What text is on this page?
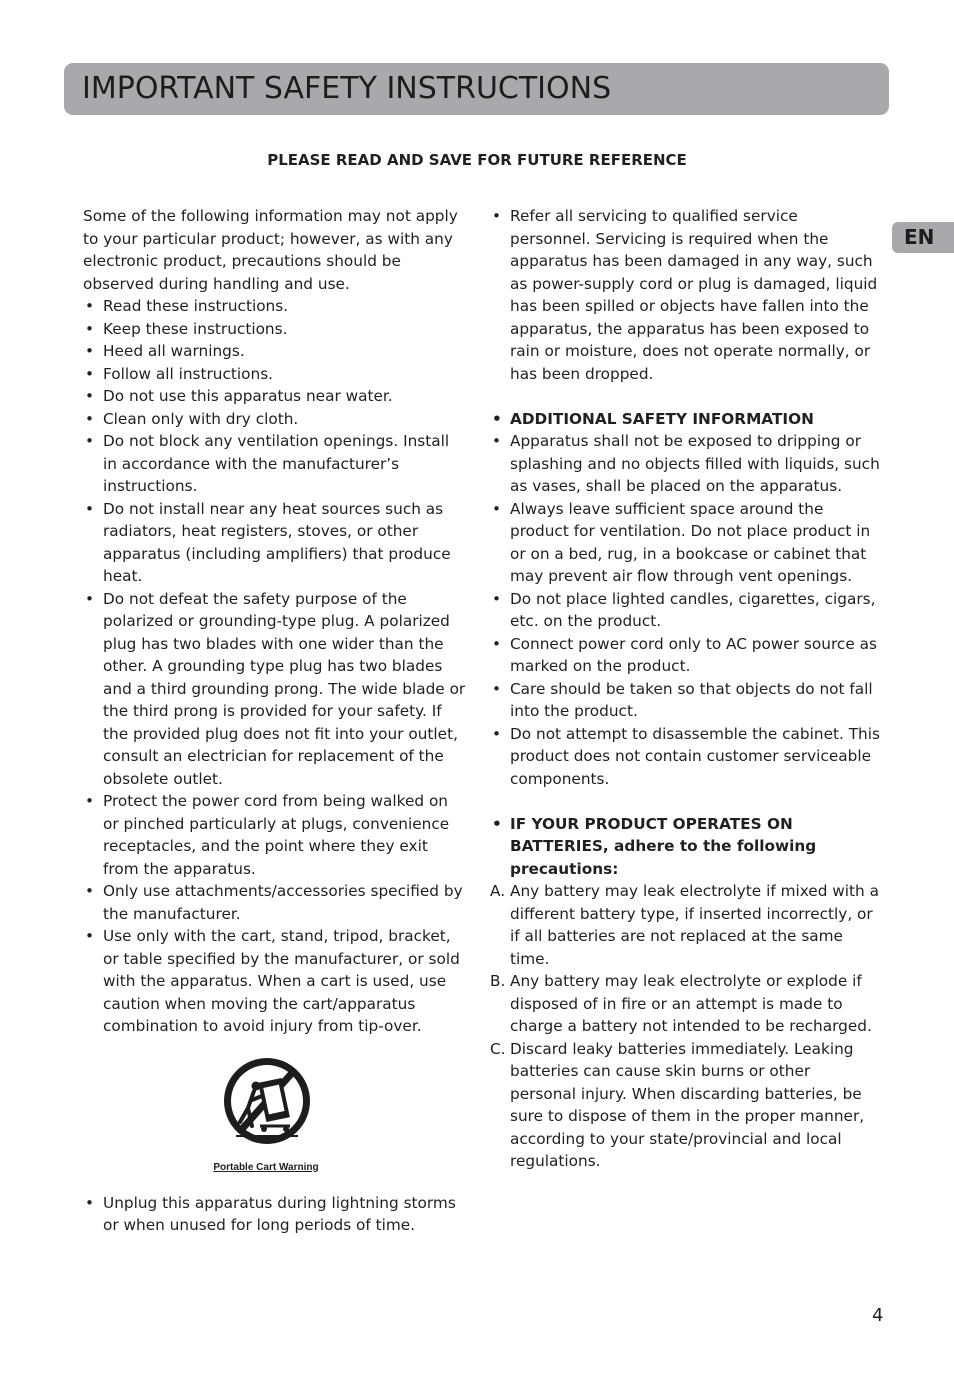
IMPORTANT SAFETY INSTRUCTIONS
PLEASE READ AND SAVE FOR FUTURE REFERENCE
EN

Some of the following information may not apply to your particular product; however, as with any electronic product, precautions should be observed during handling and use.

• Read these instructions.
• Keep these instructions.
• Heed all warnings.
• Follow all instructions.
• Do not use this apparatus near water.
• Clean only with dry cloth.
• Do not block any ventilation openings. Install in accordance with the manufacturer’s instructions.
• Do not install near any heat sources such as radiators, heat registers, stoves, or other apparatus (including amplifiers) that produce heat.
• Do not defeat the safety purpose of the polarized or grounding-type plug. A polarized plug has two blades with one wider than the other. A grounding type plug has two blades and a third grounding prong. The wide blade or the third prong is provided for your safety. If the provided plug does not fit into your outlet, consult an electrician for replacement of the obsolete outlet.
• Protect the power cord from being walked on or pinched particularly at plugs, convenience receptacles, and the point where they exit from the apparatus.
• Only use attachments/accessories specified by the manufacturer.
• Use only with the cart, stand, tripod, bracket, or table specified by the manufacturer, or sold with the apparatus. When a cart is used, use caution when moving the cart/apparatus combination to avoid injury from tip-over.
Portable Cart Warning
• Unplug this apparatus during lightning storms or when unused for long periods of time.
• Refer all servicing to qualified service personnel. Servicing is required when the apparatus has been damaged in any way, such as power-supply cord or plug is damaged, liquid has been spilled or objects have fallen into the apparatus, the apparatus has been exposed to rain or moisture, does not operate normally, or has been dropped.
• ADDITIONAL SAFETY INFORMATION
• Apparatus shall not be exposed to dripping or splashing and no objects filled with liquids, such as vases, shall be placed on the apparatus.
• Always leave sufficient space around the product for ventilation. Do not place product in or on a bed, rug, in a bookcase or cabinet that may prevent air flow through vent openings.
• Do not place lighted candles, cigarettes, cigars, etc. on the product.
• Connect power cord only to AC power source as marked on the product.
• Care should be taken so that objects do not fall into the product.
• Do not attempt to disassemble the cabinet. This product does not contain customer serviceable components.
• IF YOUR PRODUCT OPERATES ON BATTERIES, adhere to the following precautions:
A. Any battery may leak electrolyte if mixed with a different battery type, if inserted incorrectly, or if all batteries are not replaced at the same time.
B. Any battery may leak electrolyte or explode if disposed of in fire or an attempt is made to charge a battery not intended to be recharged.
C. Discard leaky batteries immediately. Leaking batteries can cause skin burns or other personal injury. When discarding batteries, be sure to dispose of them in the proper manner, according to your state/provincial and local regulations.
4
